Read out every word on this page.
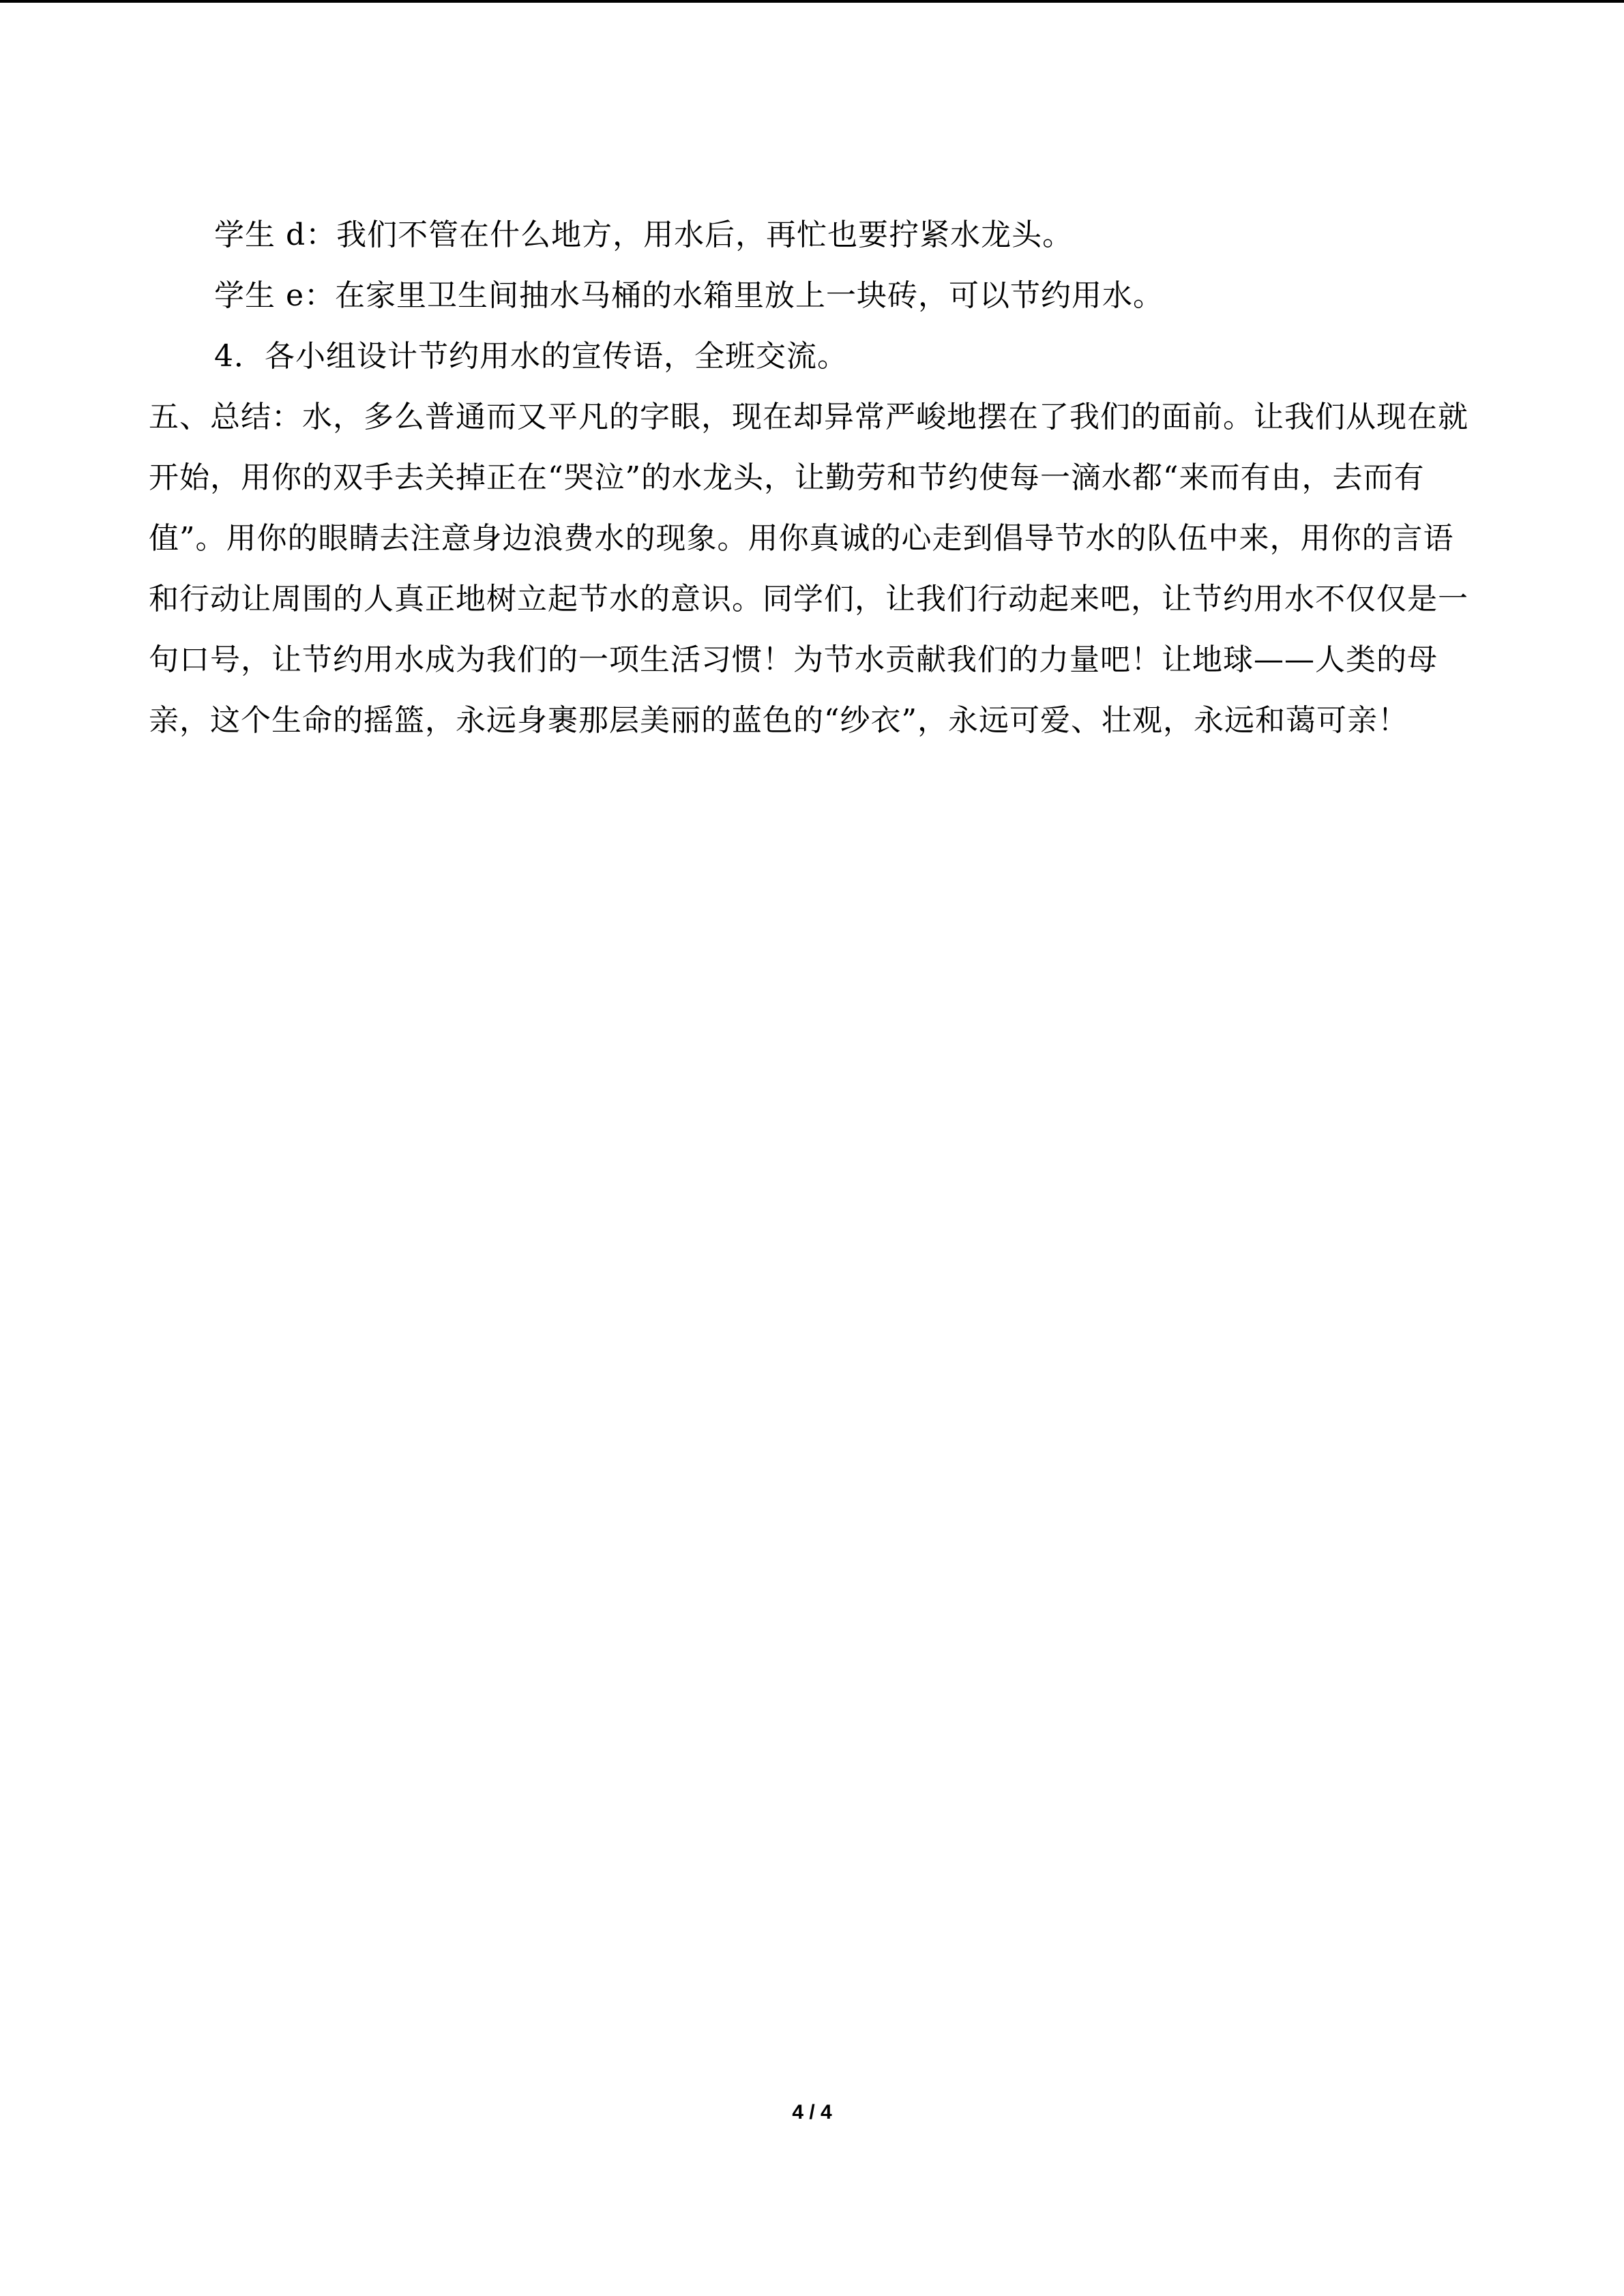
学生 d：我们不管在什么地方，用水后，再忙也要拧紧水龙头。

学生 e：在家里卫生间抽水马桶的水箱里放上一块砖，可以节约用水。

4．各小组设计节约用水的宣传语，全班交流。

五、总结：水，多么普通而又平凡的字眼，现在却异常严峻地摆在了我们的面前。让我们从现在就开始，用你的双手去关掉正在“哭泣”的水龙头，让勤劳和节约使每一滴水都“来而有由，去而有值”。用你的眼睛去注意身边浪费水的现象。用你真诚的心走到倡导节水的队伍中来，用你的言语和行动让周围的人真正地树立起节水的意识。同学们，让我们行动起来吧，让节约用水不仅仅是一句口号，让节约用水成为我们的一项生活习惯！为节水贡献我们的力量吧！让地球——人类的母亲，这个生命的摇篮，永远身裹那层美丽的蓝色的“纱衣”，永远可爱、壮观，永远和蔼可亲！

4 / 4
